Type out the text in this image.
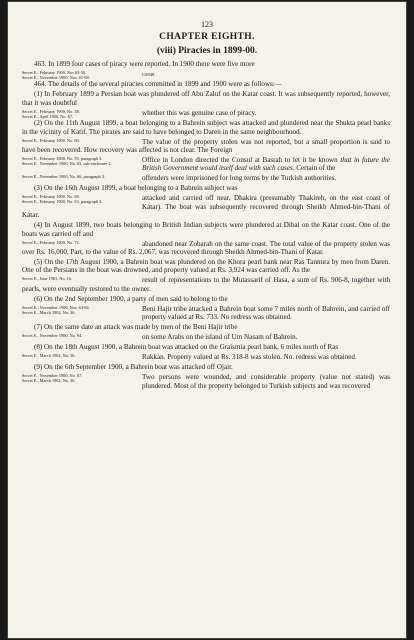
123
CHAPTER EIGHTH.
(viii) Piracies in 1899-00.

463. In 1899 four cases of piracy were reported. In 1900 there were five more

Secret E., February 1900, Nos 63-50.
Secret E., November 1900, Nos. 61-68.
CS948.

464. The details of the several piracies committed in 1899 and 1900 were as follows:—

(1) In February 1899 a Persian boat was plundered off Abu Zaluf on the Katar coast. It was subsequently reported, however, that it was doubtful

Secret E., February 1900, No. 58.
Secret E., April 1900, No. 67.	whether this was genuine case of piracy.

(2) On the 11th August 1899, a boat belonging to a Bahrein subject was attacked and plundered near the Shukta pearl banks in the vicinity of Katif. The pirates are said to have belonged to Daren in the same neighbourhood.

Secret E., February 1900, No. 60.	The value of the property stolen was not reported, but a small proportion is said to have been recovered. How recovery was affected is not clear. The Foreign

Secret E., February 1900, No. 59, paragraph 3.
Secret E., November 1900, No. 63, sub-enclosure 2.	Office in London directed the Consul at Basrah to let it be known that in future the British Government would itself deal with such cases. Certain of the

Secret E., November 1900, No. 66, paragraph 3.	offenders were imprisoned for long terms by the Turkish authorities.

(3) On the 16th August 1899, a boat belonging to a Bahrein subject was

Secret E., February 1900, No. 68.
Secret E., February 1900, No. 63, paragraph 3.	attacked and carried off near, Dhakira (presumably Thakireh, on the east coast of Katar). The boat was subsequently recovered through Sheikh Ahmed-bin-Thani of Katar.

(4) In August 1899, two boats belonging to British Indian subjects were plundered at Dibal on the Katar coast. One of the boats was carried off and

Secret E., February 1900, No. 72.	abandoned near Zobarah on the same coast. The total value of the property stolen was over Rs. 16,000. Part, to the value of Rs. 2,067, was recovered through Sheikh Ahmed-bin-Thani of Katar.

(5) On the 17th August 1900, a Bahrein boat was plundered on the Khora pearl bank near Ras Tannura by men from Daren. One of the Persians in the boat was drowned, and property valued at Rs. 3,924 was carried off. As the

Secret E., June 1901, No. 16.	result of representations to the Mutassarif of Hasa, a sum of Rs. 906-8, together with pearls, were eventually restored to the owner.

(6) On the 2nd September 1900, a party of men said to belong to the

Secret E., November 1900, Nos. 63-84.
Secret E., March 1902, No. 36.	Beni Hajir tribe attacked a Bahrein boat some 7 miles north of Bahrein, and carried off property valued at Rs. 733. No redress was obtained.

(7) On the same date an attack was made by men of the Beni Hajir tribe

Secret E., November 1900, No. 94.	on some Arabs on the island of Um Nasam of Bahrein.

(8) On the 18th August 1900, a Bahrein boat was attacked on the Graismia pearl bank, 6 miles north of Ras

Secret E., March 1902, No. 36.	Rakkan. Property valued at Rs. 318-8 was stolen. No. redress was obtained.

(9) On the 6th September 1900, a Bahrein boat was attacked off Ojair.

Secret E., November 1900, No. 67.
Secret E., March 1902, No. 36.	Two persons were wounded, and considerable property (value not stated) was plundered. Most of the property belonged to Turkish subjects and was recovered
